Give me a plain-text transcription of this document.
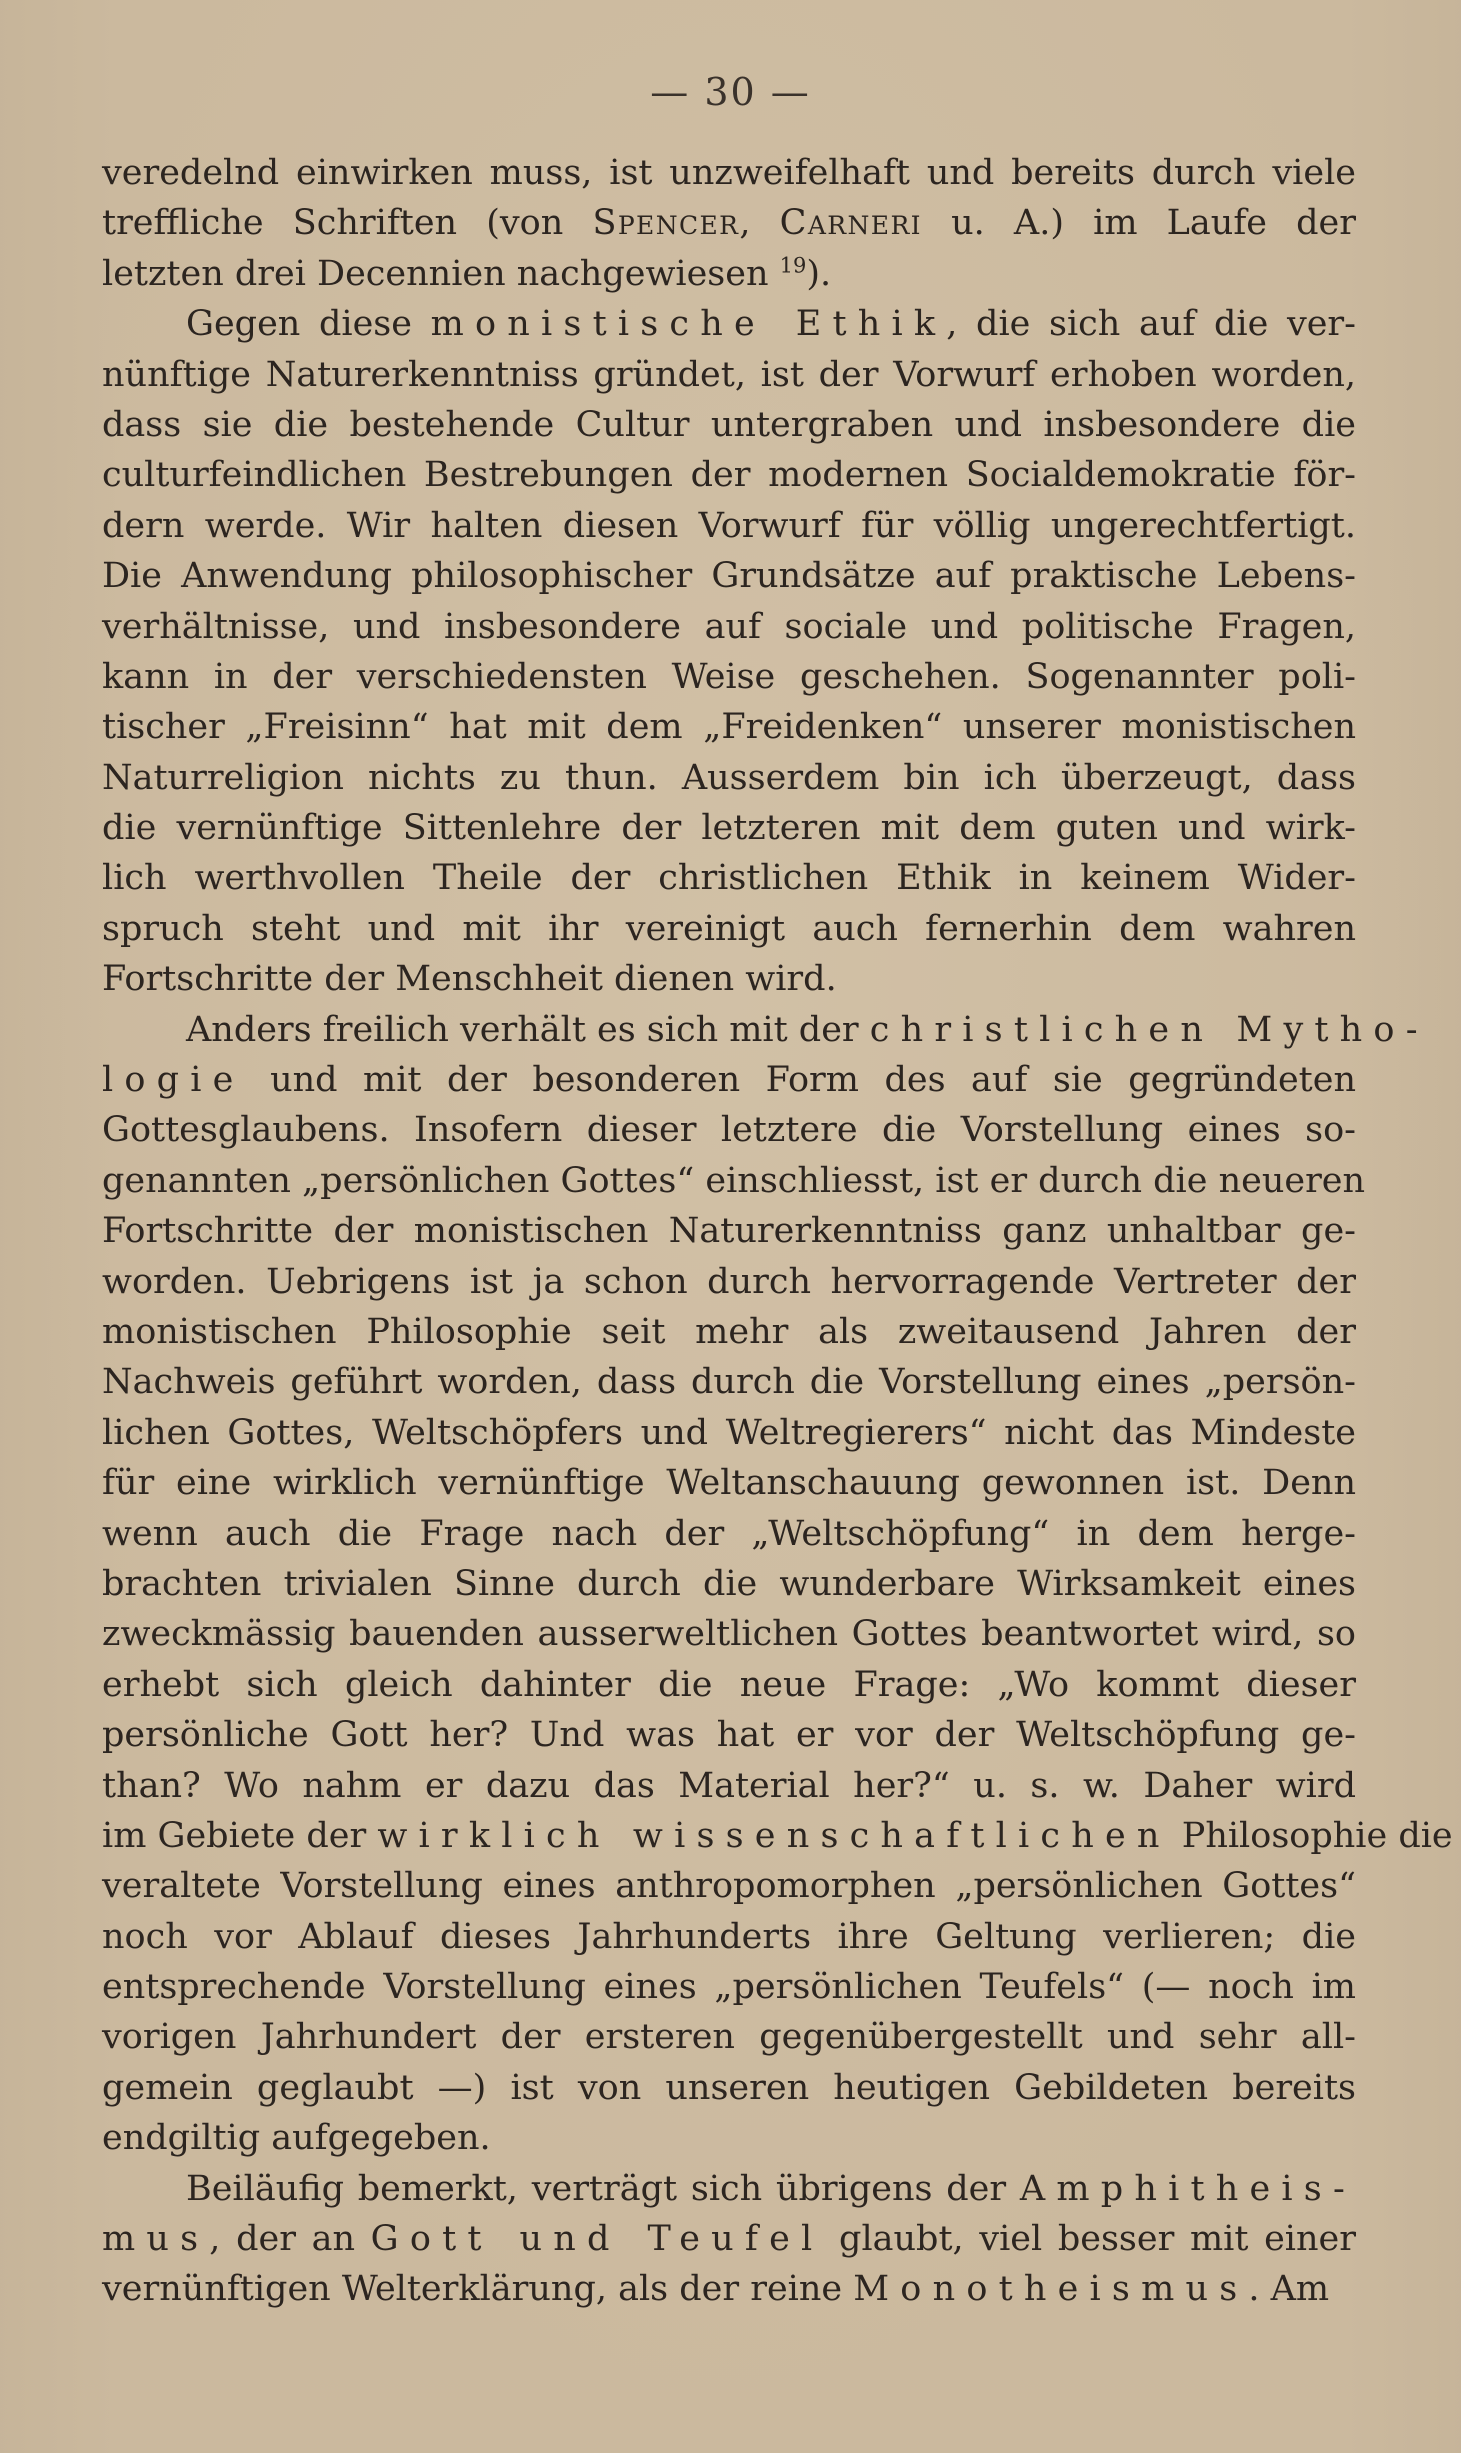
— 30 —
veredelnd einwirken muss, ist unzweifelhaft und bereits durch viele
treffliche Schriften (von Spencer, Carneri u. A.) im Laufe der
letzten drei Decennien nachgewiesen $^{19}$).
Gegen diese monistische Ethik, die sich auf die ver-
nünftige Naturerkenntniss gründet, ist der Vorwurf erhoben worden,
dass sie die bestehende Cultur untergraben und insbesondere die
culturfeindlichen Bestrebungen der modernen Socialdemokratie för-
dern werde. Wir halten diesen Vorwurf für völlig ungerechtfertigt.
Die Anwendung philosophischer Grundsätze auf praktische Lebens-
verhältnisse, und insbesondere auf sociale und politische Fragen,
kann in der verschiedensten Weise geschehen. Sogenannter poli-
tischer „Freisinn“ hat mit dem „Freidenken“ unserer monistischen
Naturreligion nichts zu thun. Ausserdem bin ich überzeugt, dass
die vernünftige Sittenlehre der letzteren mit dem guten und wirk-
lich werthvollen Theile der christlichen Ethik in keinem Wider-
spruch steht und mit ihr vereinigt auch fernerhin dem wahren
Fortschritte der Menschheit dienen wird.
Anders freilich verhält es sich mit der christlichen Mytho-
logie und mit der besonderen Form des auf sie gegründeten
Gottesglaubens. Insofern dieser letztere die Vorstellung eines so-
genannten „persönlichen Gottes“ einschliesst, ist er durch die neueren
Fortschritte der monistischen Naturerkenntniss ganz unhaltbar ge-
worden. Uebrigens ist ja schon durch hervorragende Vertreter der
monistischen Philosophie seit mehr als zweitausend Jahren der
Nachweis geführt worden, dass durch die Vorstellung eines „persön-
lichen Gottes, Weltschöpfers und Weltregierers“ nicht das Mindeste
für eine wirklich vernünftige Weltanschauung gewonnen ist. Denn
wenn auch die Frage nach der „Weltschöpfung“ in dem herge-
brachten trivialen Sinne durch die wunderbare Wirksamkeit eines
zweckmässig bauenden ausserweltlichen Gottes beantwortet wird, so
erhebt sich gleich dahinter die neue Frage: „Wo kommt dieser
persönliche Gott her? Und was hat er vor der Weltschöpfung ge-
than? Wo nahm er dazu das Material her?“ u. s. w. Daher wird
im Gebiete der wirklich wissenschaftlichen Philosophie die
veraltete Vorstellung eines anthropomorphen „persönlichen Gottes“
noch vor Ablauf dieses Jahrhunderts ihre Geltung verlieren; die
entsprechende Vorstellung eines „persönlichen Teufels“ (— noch im
vorigen Jahrhundert der ersteren gegenübergestellt und sehr all-
gemein geglaubt —) ist von unseren heutigen Gebildeten bereits
endgiltig aufgegeben.
Beiläufig bemerkt, verträgt sich übrigens der Amphitheis-
mus, der an Gott und Teufel glaubt, viel besser mit einer
vernünftigen Welterklärung, als der reine Monotheismus. Am
